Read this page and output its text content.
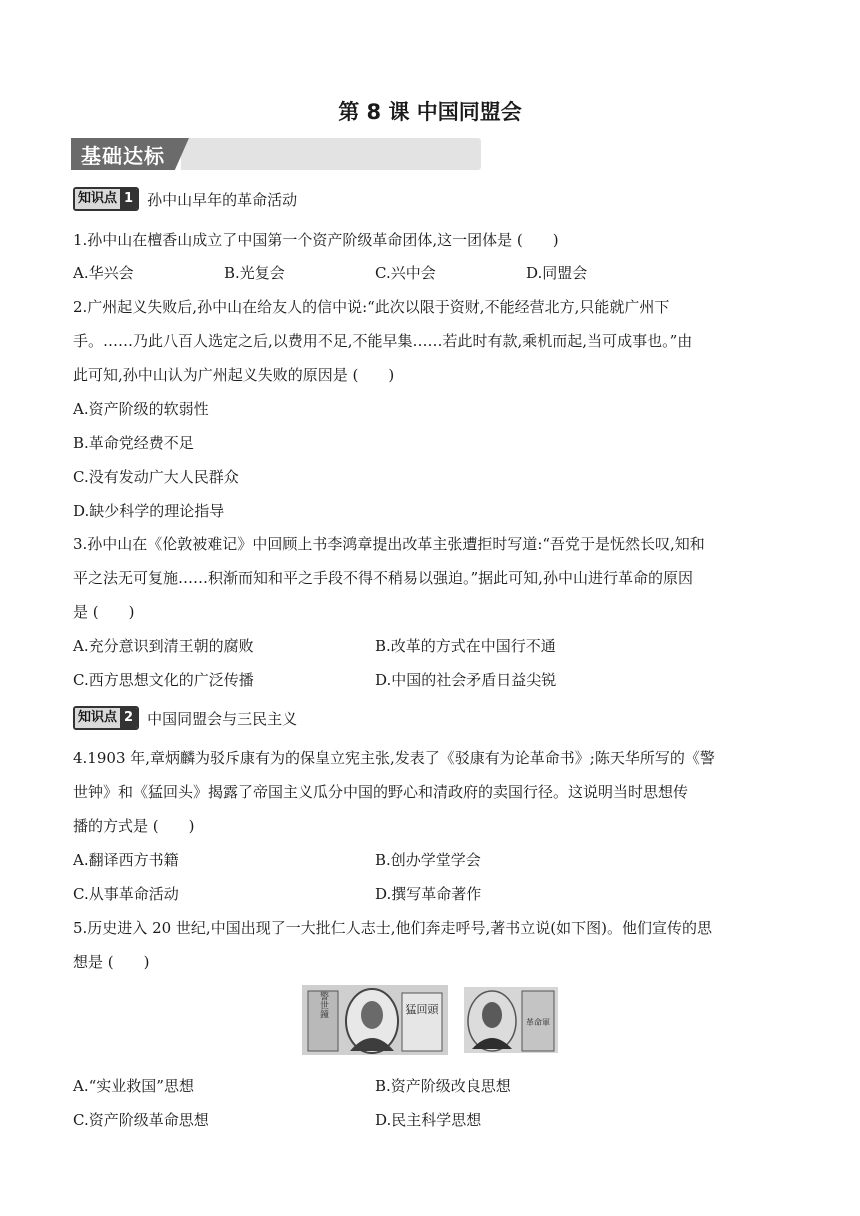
第 8 课 中国同盟会
基础达标
知识点 1 孙中山早年的革命活动
1.孙中山在檀香山成立了中国第一个资产阶级革命团体,这一团体是 (　　)
A.华兴会	B.光复会	C.兴中会	D.同盟会
2.广州起义失败后,孙中山在给友人的信中说:“此次以限于资财,不能经营北方,只能就广州下
手。……乃此八百人选定之后,以费用不足,不能早集……若此时有款,乘机而起,当可成事也。”由
此可知,孙中山认为广州起义失败的原因是 (　　)
A.资产阶级的软弱性
B.革命党经费不足
C.没有发动广大人民群众
D.缺少科学的理论指导
3.孙中山在《伦敦被难记》中回顾上书李鸿章提出改革主张遭拒时写道:“吾党于是怃然长叹,知和
平之法无可复施……积渐而知和平之手段不得不稍易以强迫。”据此可知,孙中山进行革命的原因
是 (　　)
A.充分意识到清王朝的腐败	B.改革的方式在中国行不通
C.西方思想文化的广泛传播	D.中国的社会矛盾日益尖锐
知识点 2 中国同盟会与三民主义
4.1903 年,章炳麟为驳斥康有为的保皇立宪主张,发表了《驳康有为论革命书》;陈天华所写的《警
世钟》和《猛回头》揭露了帝国主义瓜分中国的野心和清政府的卖国行径。这说明当时思想传
播的方式是 (　　)
A.翻译西方书籍	B.创办学堂学会
C.从事革命活动	D.撰写革命著作
5.历史进入 20 世纪,中国出现了一大批仁人志士,他们奔走呼号,著书立说(如下图)。他们宣传的思
想是 (　　)
警世鐘	猛回頭
革命軍
A.“实业救国”思想	B.资产阶级改良思想
C.资产阶级革命思想	D.民主科学思想
